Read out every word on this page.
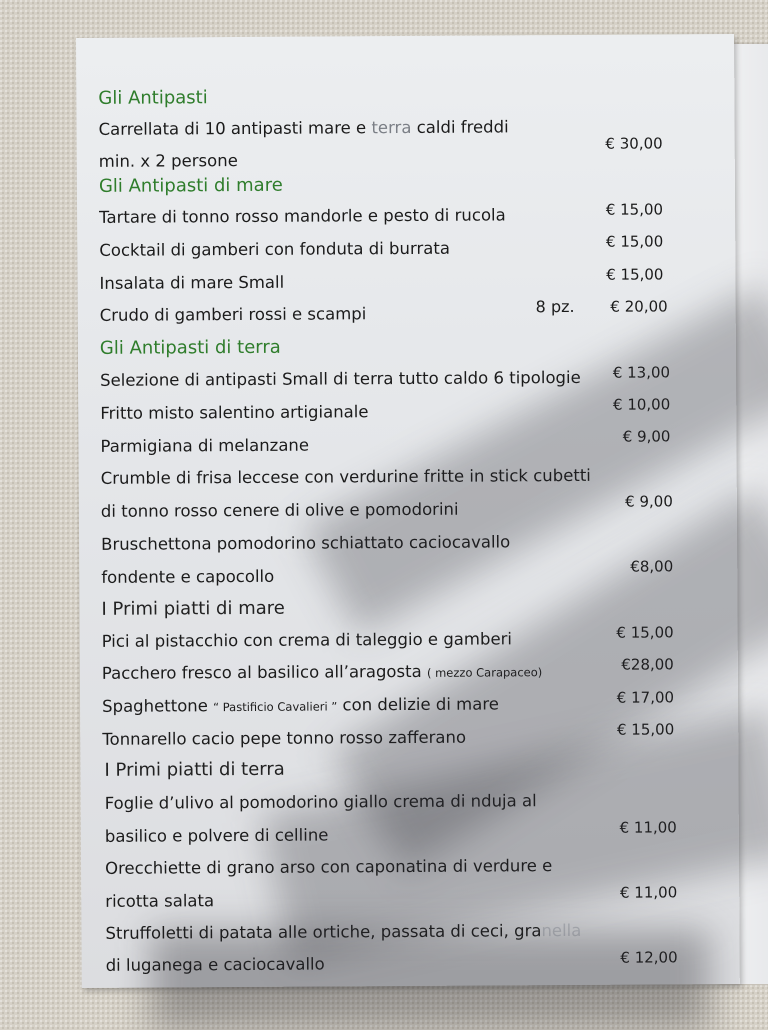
Gli Antipasti
Carrellata di 10 antipasti mare e terra caldi freddi
min. x 2 persone
€ 30,00
Gli Antipasti di mare
Tartare di tonno rosso mandorle e pesto di rucola	€ 15,00
Cocktail di gamberi con fonduta di burrata	€ 15,00
Insalata di mare Small	€ 15,00
Crudo di gamberi rossi e scampi	8 pz.	€ 20,00
Gli Antipasti di terra
Selezione di antipasti Small di terra tutto caldo 6 tipologie	€ 13,00
Fritto misto salentino artigianale	€ 10,00
Parmigiana di melanzane	€ 9,00
Crumble di frisa leccese con verdurine fritte in stick cubetti
di tonno rosso cenere di olive e pomodorini	€ 9,00
Bruschettona pomodorino schiattato caciocavallo
fondente e capocollo
€8,00
I Primi piatti di mare
Pici al pistacchio con crema di taleggio e gamberi	€ 15,00
Pacchero fresco al basilico all’aragosta ( mezzo Carapaceo)	€28,00
Spaghettone “ Pastificio Cavalieri ” con delizie di mare	€ 17,00
Tonnarello cacio pepe tonno rosso zafferano	€ 15,00
I Primi piatti di terra
Foglie d’ulivo al pomodorino giallo crema di nduja al
basilico e polvere di celline	€ 11,00
Orecchiette di grano arso con caponatina di verdure e
ricotta salata	€ 11,00
Struffoletti di patata alle ortiche, passata di ceci, granella
di luganega e caciocavallo	€ 12,00
